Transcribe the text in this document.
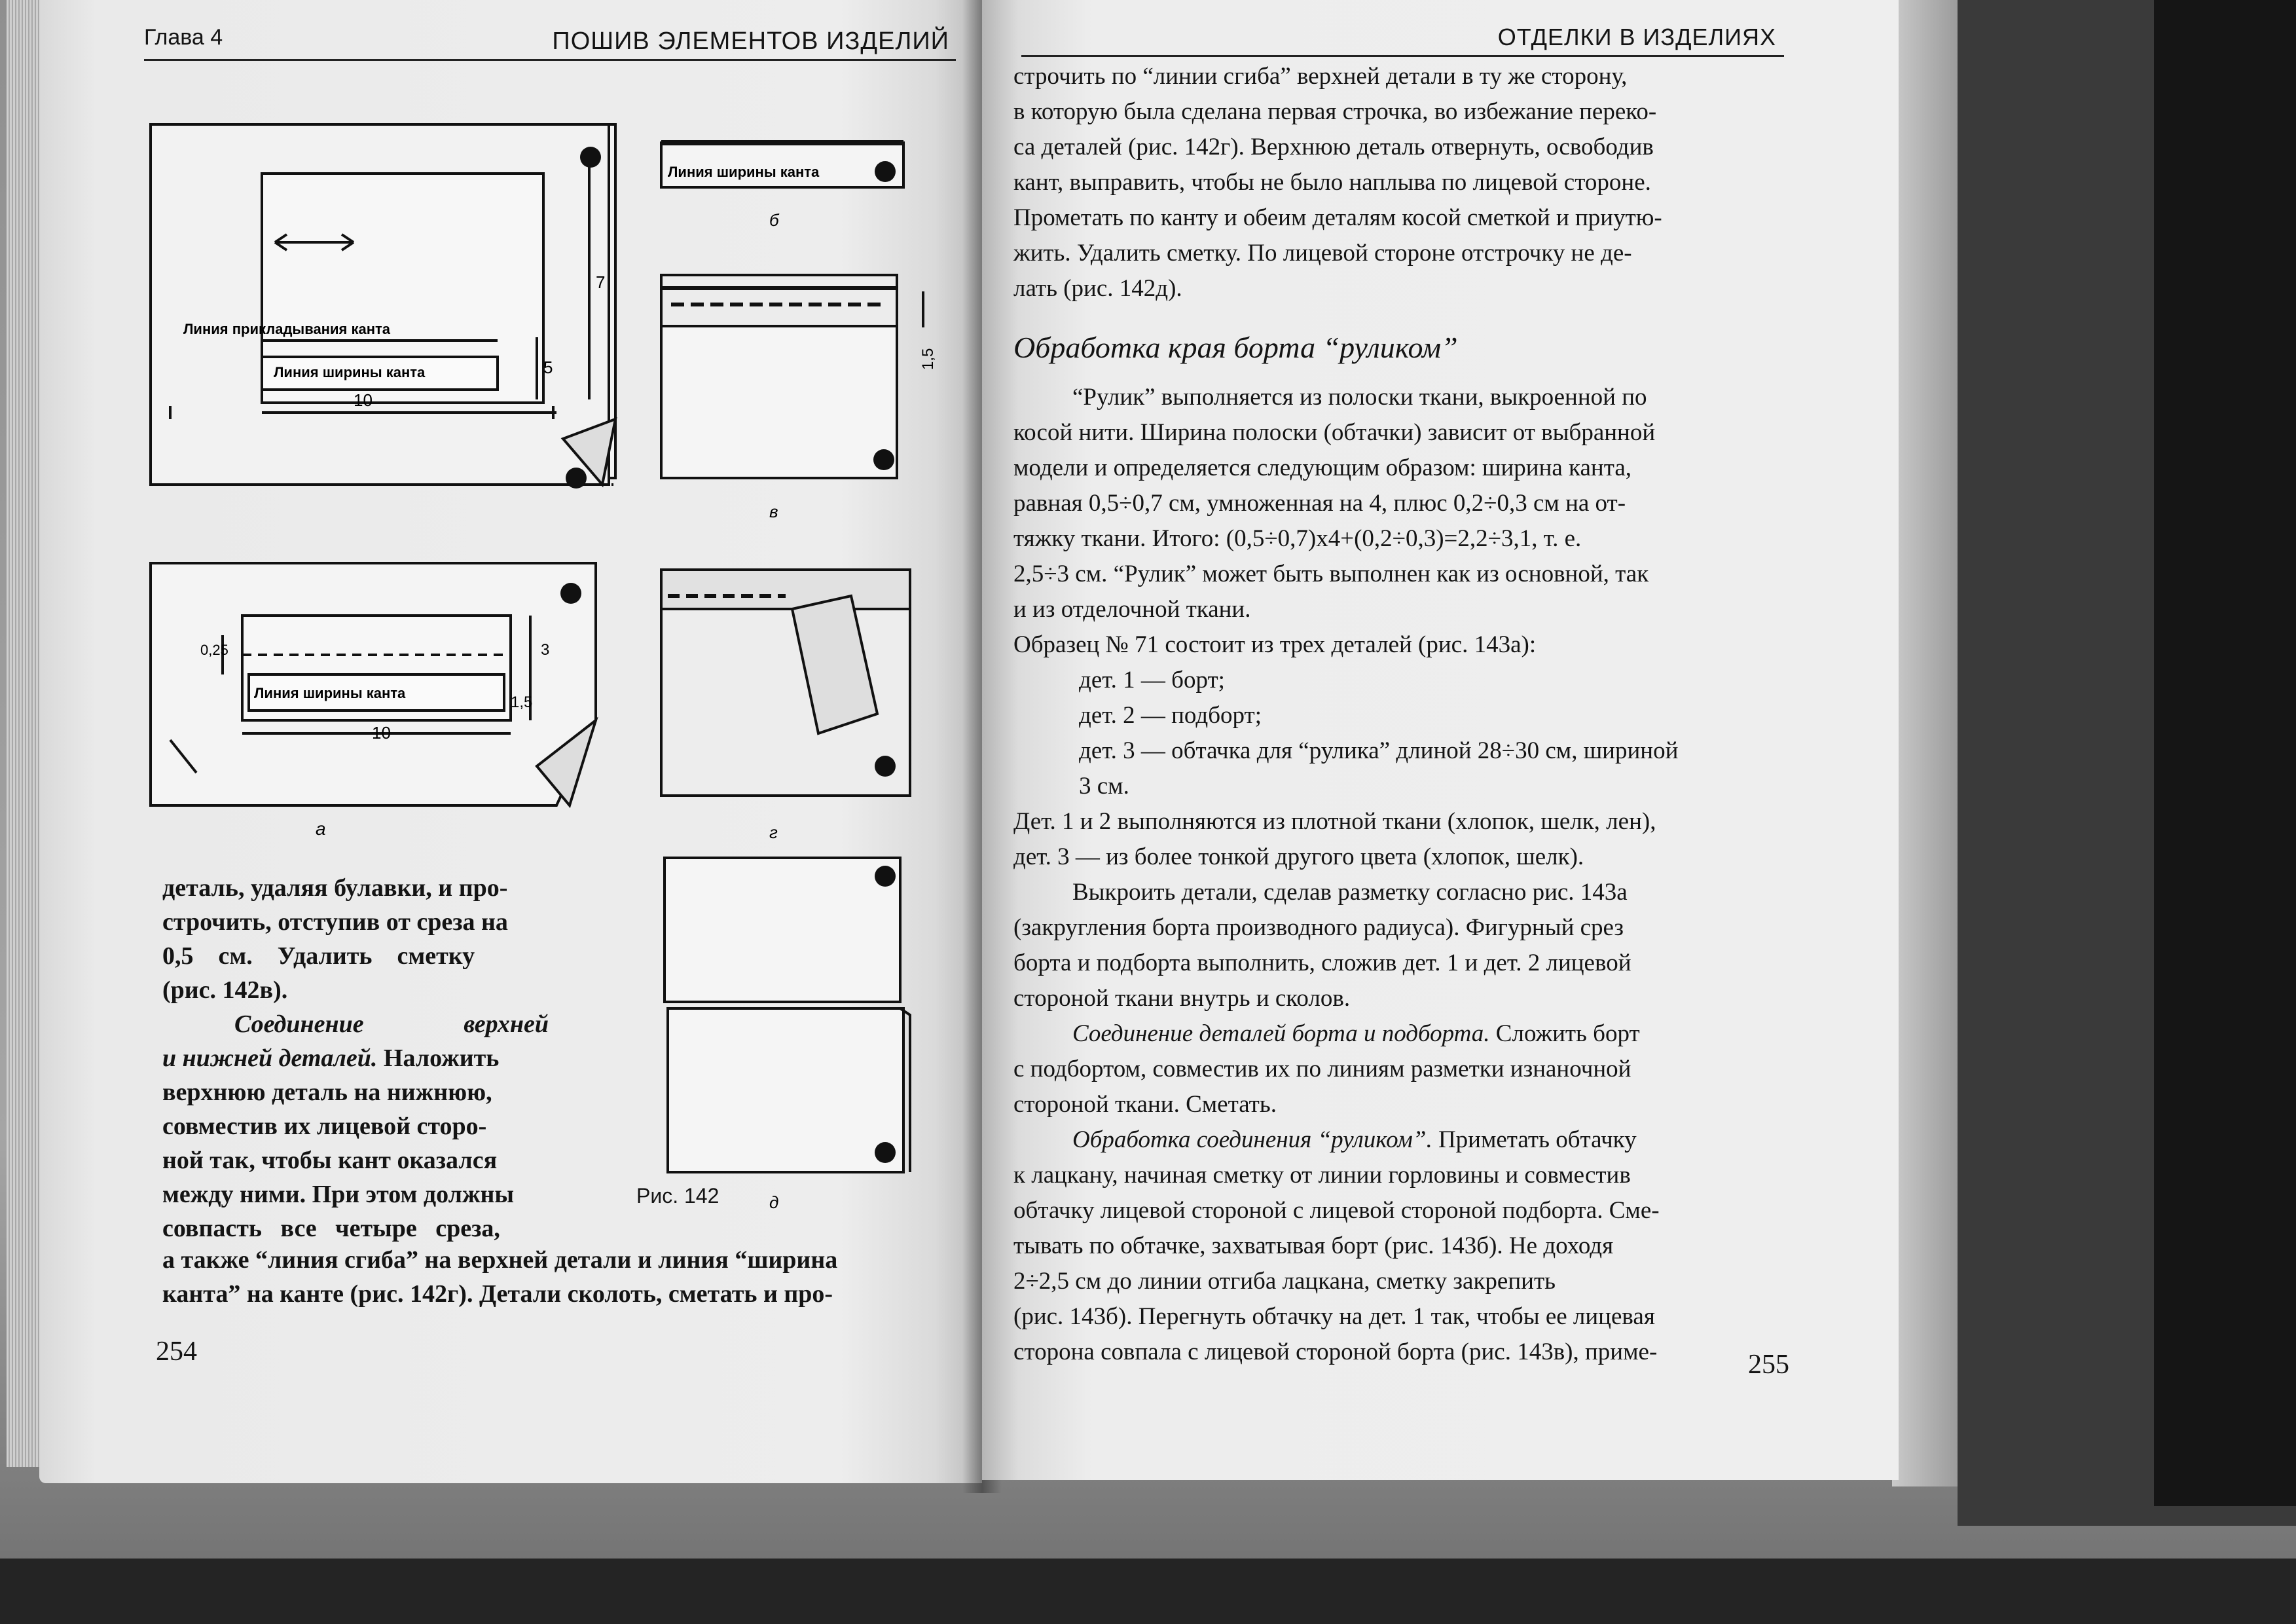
Глава 4	ПОШИВ ЭЛЕМЕНТОВ ИЗДЕЛИЙ
Линия прикладывания канта
Линия ширины канта
10
7
5
Линия ширины канта
б
1,5
в
Линия ширины канта
10
1,5
3
0,25
а	г
д
Рис. 142
деталь, удаляя булавки, и про-
строчить, отступив от среза на
0,5    см.    Удалить    сметку
(рис. 142в).
Соединение	верхней
и нижней деталей. Наложить
верхнюю деталь на нижнюю,
совместив их лицевой сторо-
ной так, чтобы кант оказался
между ними. При этом должны
совпасть   все   четыре   среза,
а также “линия сгиба” на верхней детали и линия “ширина
канта” на канте (рис. 142г). Детали сколоть, сметать и про-
254
ОТДЕЛКИ В ИЗДЕЛИЯХ

строчить по “линии сгиба” верхней детали в ту же сторону,

в которую была сделана первая строчка, во избежание переко-

са деталей (рис. 142г). Верхнюю деталь отвернуть, освободив

кант, выправить, чтобы не было наплыва по лицевой стороне.

Прометать по канту и обеим деталям косой сметкой и приутю-

жить. Удалить сметку. По лицевой стороне отстрочку не де-

лать (рис. 142д).

Обработка края борта “руликом”

“Рулик” выполняется из полоски ткани, выкроенной по

косой нити. Ширина полоски (обтачки) зависит от выбранной

модели и определяется следующим образом: ширина канта,

равная 0,5÷0,7 см, умноженная на 4, плюс 0,2÷0,3 см на от-

тяжку ткани. Итого: (0,5÷0,7)x4+(0,2÷0,3)=2,2÷3,1, т. е.

2,5÷3 см. “Рулик” может быть выполнен как из основной, так

и из отделочной ткани.

Образец № 71 состоит из трех деталей (рис. 143а):

дет. 1 — борт;

дет. 2 — подборт;

дет. 3 — обтачка для “рулика” длиной 28÷30 см, шириной

3 см.

Дет. 1 и 2 выполняются из плотной ткани (хлопок, шелк, лен),

дет. 3 — из более тонкой другого цвета (хлопок, шелк).

Выкроить детали, сделав разметку согласно рис. 143а

(закругления борта производного радиуса). Фигурный срез

борта и подборта выполнить, сложив дет. 1 и дет. 2 лицевой

стороной ткани внутрь и сколов.

Соединение деталей борта и подборта. Сложить борт

с подбортом, совместив их по линиям разметки изнаночной

стороной ткани. Сметать.

Обработка соединения “руликом”. Приметать обтачку

к лацкану, начиная сметку от линии горловины и совместив

обтачку лицевой стороной с лицевой стороной подборта. Сме-

тывать по обтачке, захватывая борт (рис. 143б). Не доходя

2÷2,5 см до линии отгиба лацкана, сметку закрепить

(рис. 143б). Перегнуть обтачку на дет. 1 так, чтобы ее лицевая

сторона совпала с лицевой стороной борта (рис. 143в), приме-	255
